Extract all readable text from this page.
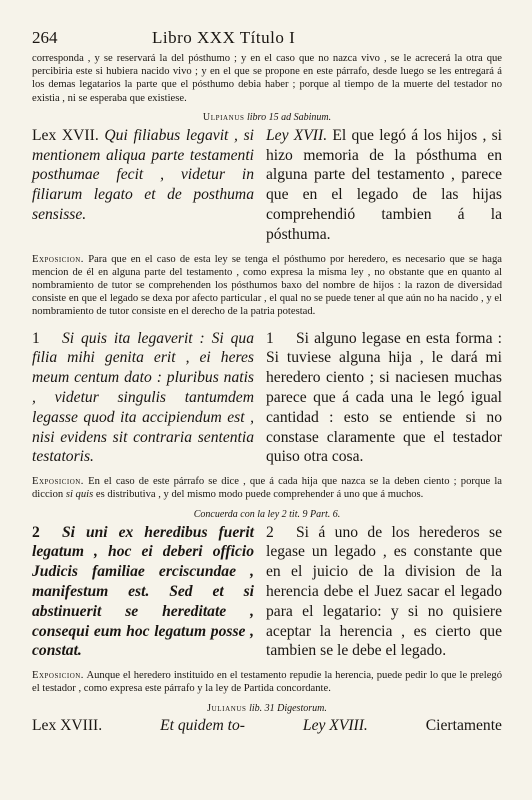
264	Libro XXX Título I

corresponda , y se reservará la del pósthumo ; y en el caso que no nazca vivo , se le acrecerá la otra que percibiria este si hubiera nacido vivo ; y en el que se propone en este párrafo, desde luego se les entregará á los demas legatarios la parte que el pósthumo debia haber ; porque al tiempo de la muerte del testador no existia , ni se esperaba que existiese.

Ulpianus libro 15 ad Sabinum.

Lex XVII. Qui filiabus legavit , si mentionem aliqua parte testamenti posthumae fecit , videtur in filiarum legato et de posthuma sensisse.

Ley XVII. El que legó á los hijos , si hizo memoria de la pósthuma en alguna parte del testamento , parece que en el legado de las hijas comprehendió tambien á la pósthuma.

Exposicion. Para que en el caso de esta ley se tenga el pósthumo por heredero, es necesario que se haga mencion de él en alguna parte del testamento , como expresa la misma ley , no obstante que en quanto al nombramiento de tutor se comprehenden los pósthumos baxo del nombre de hijos : la razon de diversidad consiste en que el legado se dexa por afecto particular , el qual no se puede tener al que aún no ha nacido , y el nombramiento de tutor consiste en el derecho de la patria potestad.

1 Si quis ita legaverit : Si qua filia mihi genita erit , ei heres meum centum dato : pluribus natis , videtur singulis tantumdem legasse quod ita accipiendum est , nisi evidens sit contraria sententia testatoris.

1 Si alguno legase en esta forma : Si tuviese alguna hija , le dará mi heredero ciento ; si naciesen muchas parece que á cada una le legó igual cantidad : esto se entiende si no constase claramente que el testador quiso otra cosa.

Exposicion. En el caso de este párrafo se dice , que á cada hija que nazca se la deben ciento ; porque la diccion si quis es distributiva , y del mismo modo puede comprehender á uno que á muchos.

Concuerda con la ley 2 tit. 9 Part. 6.

2 Si uni ex heredibus fuerit legatum , hoc ei deberi officio Judicis familiae erciscundae , manifestum est. Sed et si abstinuerit se hereditate , consequi eum hoc legatum posse , constat.

2 Si á uno de los herederos se legase un legado , es constante que en el juicio de la division de la herencia debe el Juez sacar el legado para el legatario: y si no quisiere aceptar la herencia , es cierto que tambien se le debe el legado.

Exposicion. Aunque el heredero instituido en el testamento repudie la herencia, puede pedir lo que le prelegó el testador , como expresa este párrafo y la ley de Partida concordante.

Julianus lib. 31 Digestorum.
Lex XVIII.	Et quidem to-	Ley XVIII.	Ciertamente
